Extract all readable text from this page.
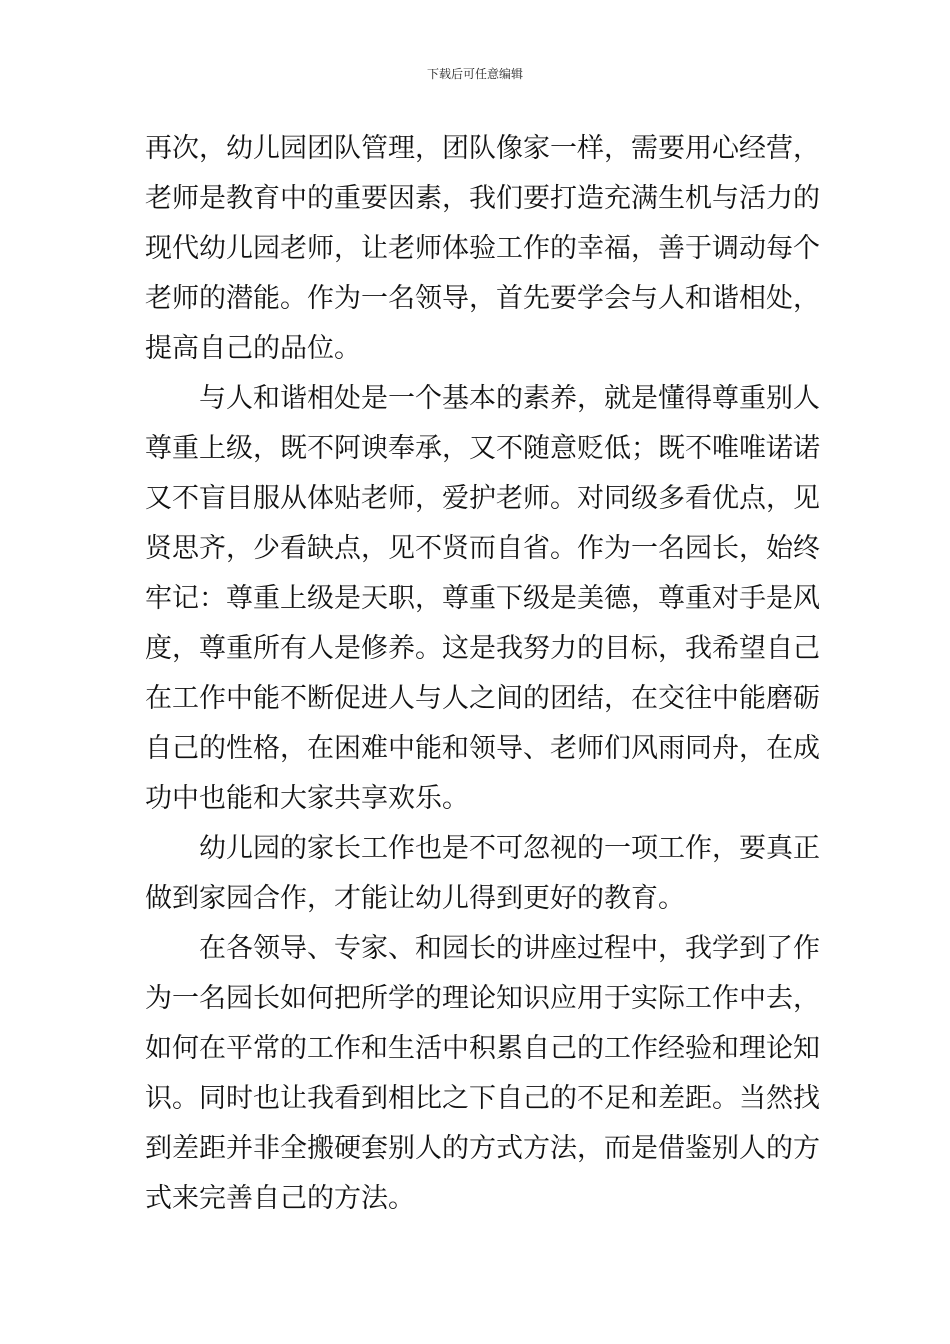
下载后可任意编辑
再次，幼儿园团队管理，团队像家一样，需要用心经营，
老师是教育中的重要因素，我们要打造充满生机与活力的
现代幼儿园老师，让老师体验工作的幸福，善于调动每个
老师的潜能。作为一名领导，首先要学会与人和谐相处，
提高自己的品位。
　　与人和谐相处是一个基本的素养，就是懂得尊重别人
尊重上级，既不阿谀奉承，又不随意贬低；既不唯唯诺诺
又不盲目服从体贴老师，爱护老师。对同级多看优点，见
贤思齐，少看缺点，见不贤而自省。作为一名园长，始终
牢记：尊重上级是天职，尊重下级是美德，尊重对手是风
度，尊重所有人是修养。这是我努力的目标，我希望自己
在工作中能不断促进人与人之间的团结，在交往中能磨砺
自己的性格，在困难中能和领导、老师们风雨同舟，在成
功中也能和大家共享欢乐。
　　幼儿园的家长工作也是不可忽视的一项工作，要真正
做到家园合作，才能让幼儿得到更好的教育。
　　在各领导、专家、和园长的讲座过程中，我学到了作
为一名园长如何把所学的理论知识应用于实际工作中去，
如何在平常的工作和生活中积累自己的工作经验和理论知
识。同时也让我看到相比之下自己的不足和差距。当然找
到差距并非全搬硬套别人的方式方法，而是借鉴别人的方
式来完善自己的方法。
